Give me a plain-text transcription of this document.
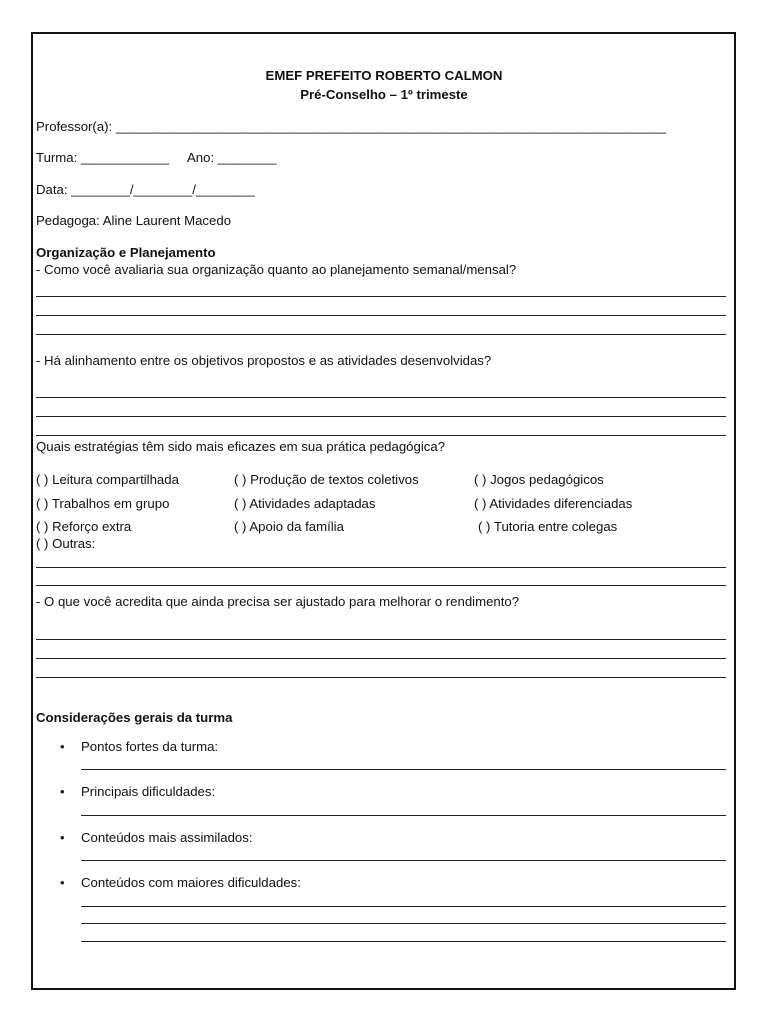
EMEF PREFEITO ROBERTO CALMON
Pré-Conselho – 1º trimeste
Professor(a): ___________________________________________________________________________
Turma: ____________ Ano: ________
Data: ________/________/________
Pedagoga: Aline Laurent Macedo
Organização e Planejamento
- Como você avaliaria sua organização quanto ao planejamento semanal/mensal?
- Há alinhamento entre os objetivos propostos e as atividades desenvolvidas?
Quais estratégias têm sido mais eficazes em sua prática pedagógica?
( ) Leitura compartilhada	( ) Produção de textos coletivos	( ) Jogos pedagógicos
( ) Trabalhos em grupo	( ) Atividades adaptadas	( ) Atividades diferenciadas
( ) Reforço extra	( ) Apoio da família	( ) Tutoria entre colegas
( ) Outras:
- O que você acredita que ainda precisa ser ajustado para melhorar o rendimento?
Considerações gerais da turma
• Pontos fortes da turma:
• Principais dificuldades:
• Conteúdos mais assimilados:
• Conteúdos com maiores dificuldades:
